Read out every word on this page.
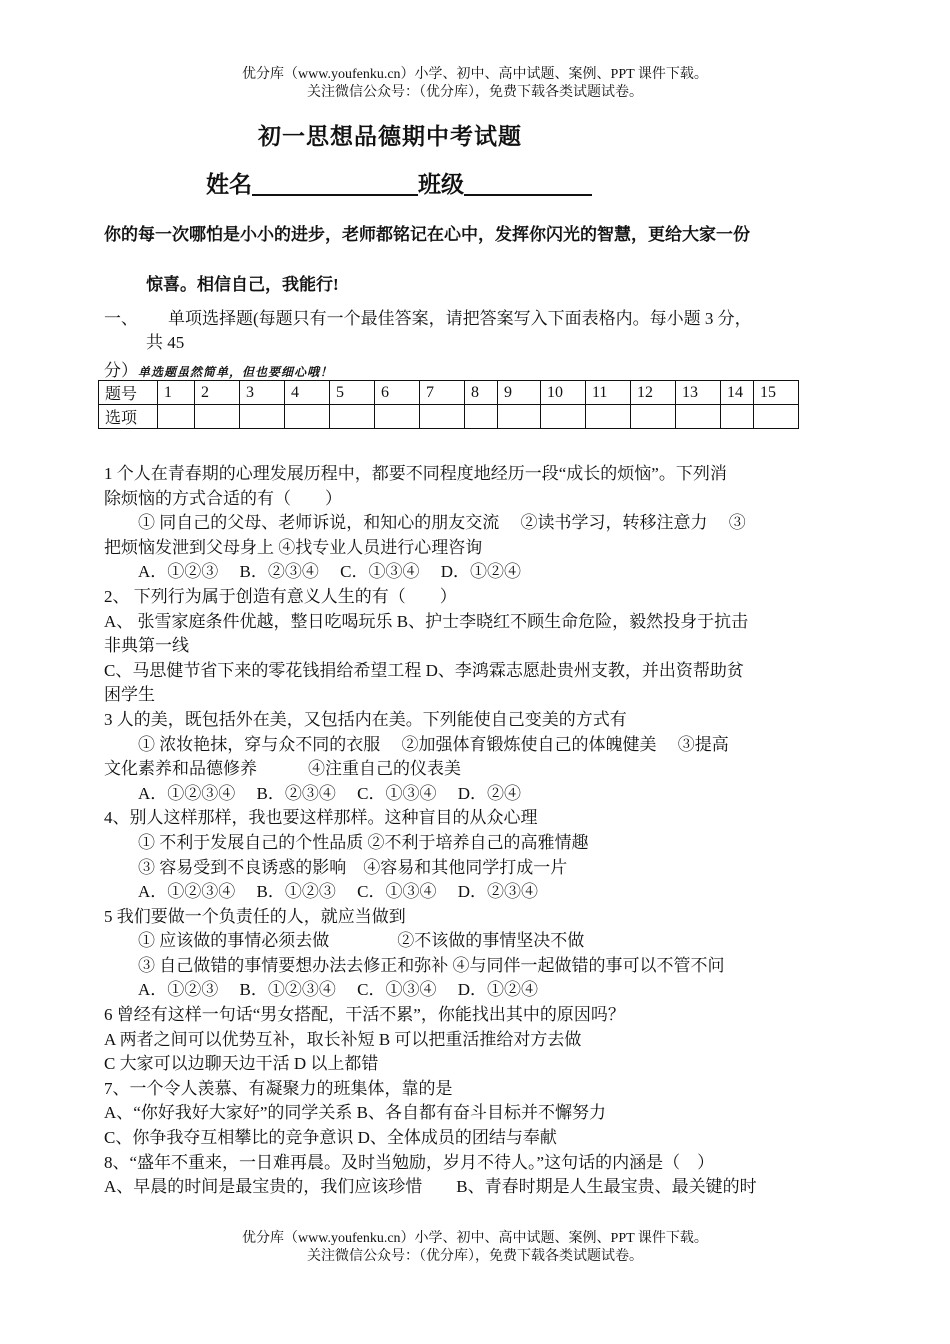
优分库（www.youfenku.cn）小学、初中、高中试题、案例、PPT 课件下载。
关注微信公众号：（优分库），免费下载各类试题试卷。
初一思想品德期中考试题
姓名	班级
你的每一次哪怕是小小的进步，老师都铭记在心中，发挥你闪光的智慧，更给大家一份
惊喜。相信自己，我能行!
一、 单项选择题(每题只有一个最佳答案，请把答案写入下面表格内。每小题 3 分，
共 45
分）单选题虽然简单，但也要细心哦！
题号	1	2	3	4	5	6	7	8	9	10	11	12	13	14	15
选项															
1 个人在青春期的心理发展历程中，都要不同程度地经历一段“成长的烦恼”。下列消
除烦恼的方式合适的有（　　）
　　① 同自己的父母、老师诉说，和知心的朋友交流　 ②读书学习，转移注意力　 ③
把烦恼发泄到父母身上 ④找专业人员进行心理咨询
　　A．①②③　 B．②③④　 C．①③④　 D．①②④
2、 下列行为属于创造有意义人生的有（　　）
A、 张雪家庭条件优越，整日吃喝玩乐 B、护士李晓红不顾生命危险，毅然投身于抗击
非典第一线
C、马思健节省下来的零花钱捐给希望工程 D、李鸿霖志愿赴贵州支教，并出资帮助贫
困学生
3 人的美，既包括外在美，又包括内在美。下列能使自己变美的方式有
　　① 浓妆艳抹，穿与众不同的衣服　 ②加强体育锻炼使自己的体魄健美　 ③提高
文化素养和品德修养　　　④注重自己的仪表美
　　A．①②③④　 B．②③④　 C．①③④　 D．②④
4、别人这样那样，我也要这样那样。这种盲目的从众心理
　　① 不利于发展自己的个性品质 ②不利于培养自己的高雅情趣
　　③ 容易受到不良诱惑的影响　④容易和其他同学打成一片
　　A．①②③④　 B．①②③　 C．①③④　 D．②③④
5 我们要做一个负责任的人，就应当做到
　　① 应该做的事情必须去做　　　　②不该做的事情坚决不做
　　③ 自己做错的事情要想办法去修正和弥补 ④与同伴一起做错的事可以不管不问
　　A．①②③　 B．①②③④　 C．①③④　 D．①②④
6 曾经有这样一句话“男女搭配，干活不累”，你能找出其中的原因吗？
A 两者之间可以优势互补，取长补短 B 可以把重活推给对方去做
C 大家可以边聊天边干活 D 以上都错
7、一个令人羡慕、有凝聚力的班集体，靠的是
A、“你好我好大家好”的同学关系 B、各自都有奋斗目标并不懈努力
C、你争我夺互相攀比的竞争意识 D、全体成员的团结与奉献
8、“盛年不重来，一日难再晨。及时当勉励，岁月不待人。”这句话的内涵是（　）
A、早晨的时间是最宝贵的，我们应该珍惜　　B、青春时期是人生最宝贵、最关键的时
优分库（www.youfenku.cn）小学、初中、高中试题、案例、PPT 课件下载。
关注微信公众号：（优分库），免费下载各类试题试卷。
